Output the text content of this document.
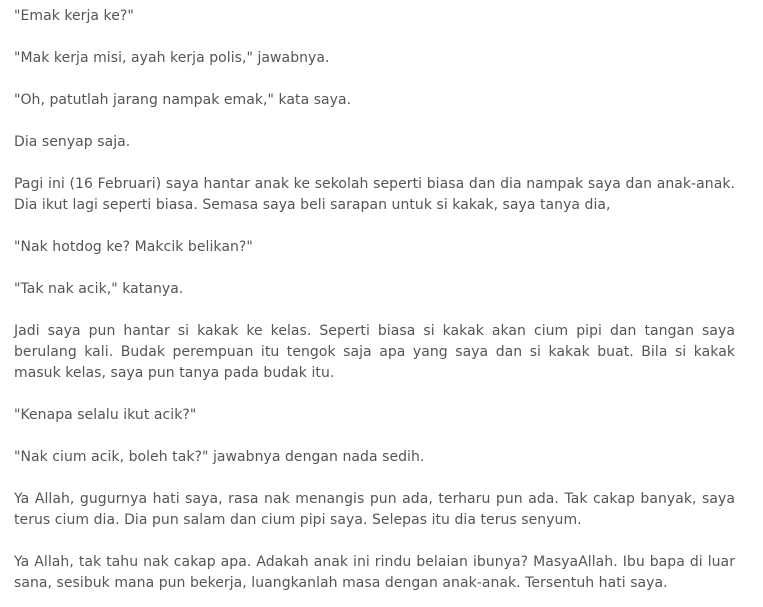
"Emak kerja ke?"

"Mak kerja misi, ayah kerja polis," jawabnya.

"Oh, patutlah jarang nampak emak," kata saya.

Dia senyap saja.

Pagi ini (16 Februari) saya hantar anak ke sekolah seperti biasa dan dia nampak saya dan anak-anak. Dia ikut lagi seperti biasa. Semasa saya beli sarapan untuk si kakak, saya tanya dia,

"Nak hotdog ke? Makcik belikan?"

"Tak nak acik," katanya.

Jadi saya pun hantar si kakak ke kelas. Seperti biasa si kakak akan cium pipi dan tangan saya berulang kali. Budak perempuan itu tengok saja apa yang saya dan si kakak buat. Bila si kakak masuk kelas, saya pun tanya pada budak itu.

"Kenapa selalu ikut acik?"

"Nak cium acik, boleh tak?" jawabnya dengan nada sedih.

Ya Allah, gugurnya hati saya, rasa nak menangis pun ada, terharu pun ada. Tak cakap banyak, saya terus cium dia. Dia pun salam dan cium pipi saya. Selepas itu dia terus senyum.

Ya Allah, tak tahu nak cakap apa. Adakah anak ini rindu belaian ibunya? MasyaAllah. Ibu bapa di luar sana, sesibuk mana pun bekerja, luangkanlah masa dengan anak-anak. Tersentuh hati saya.
